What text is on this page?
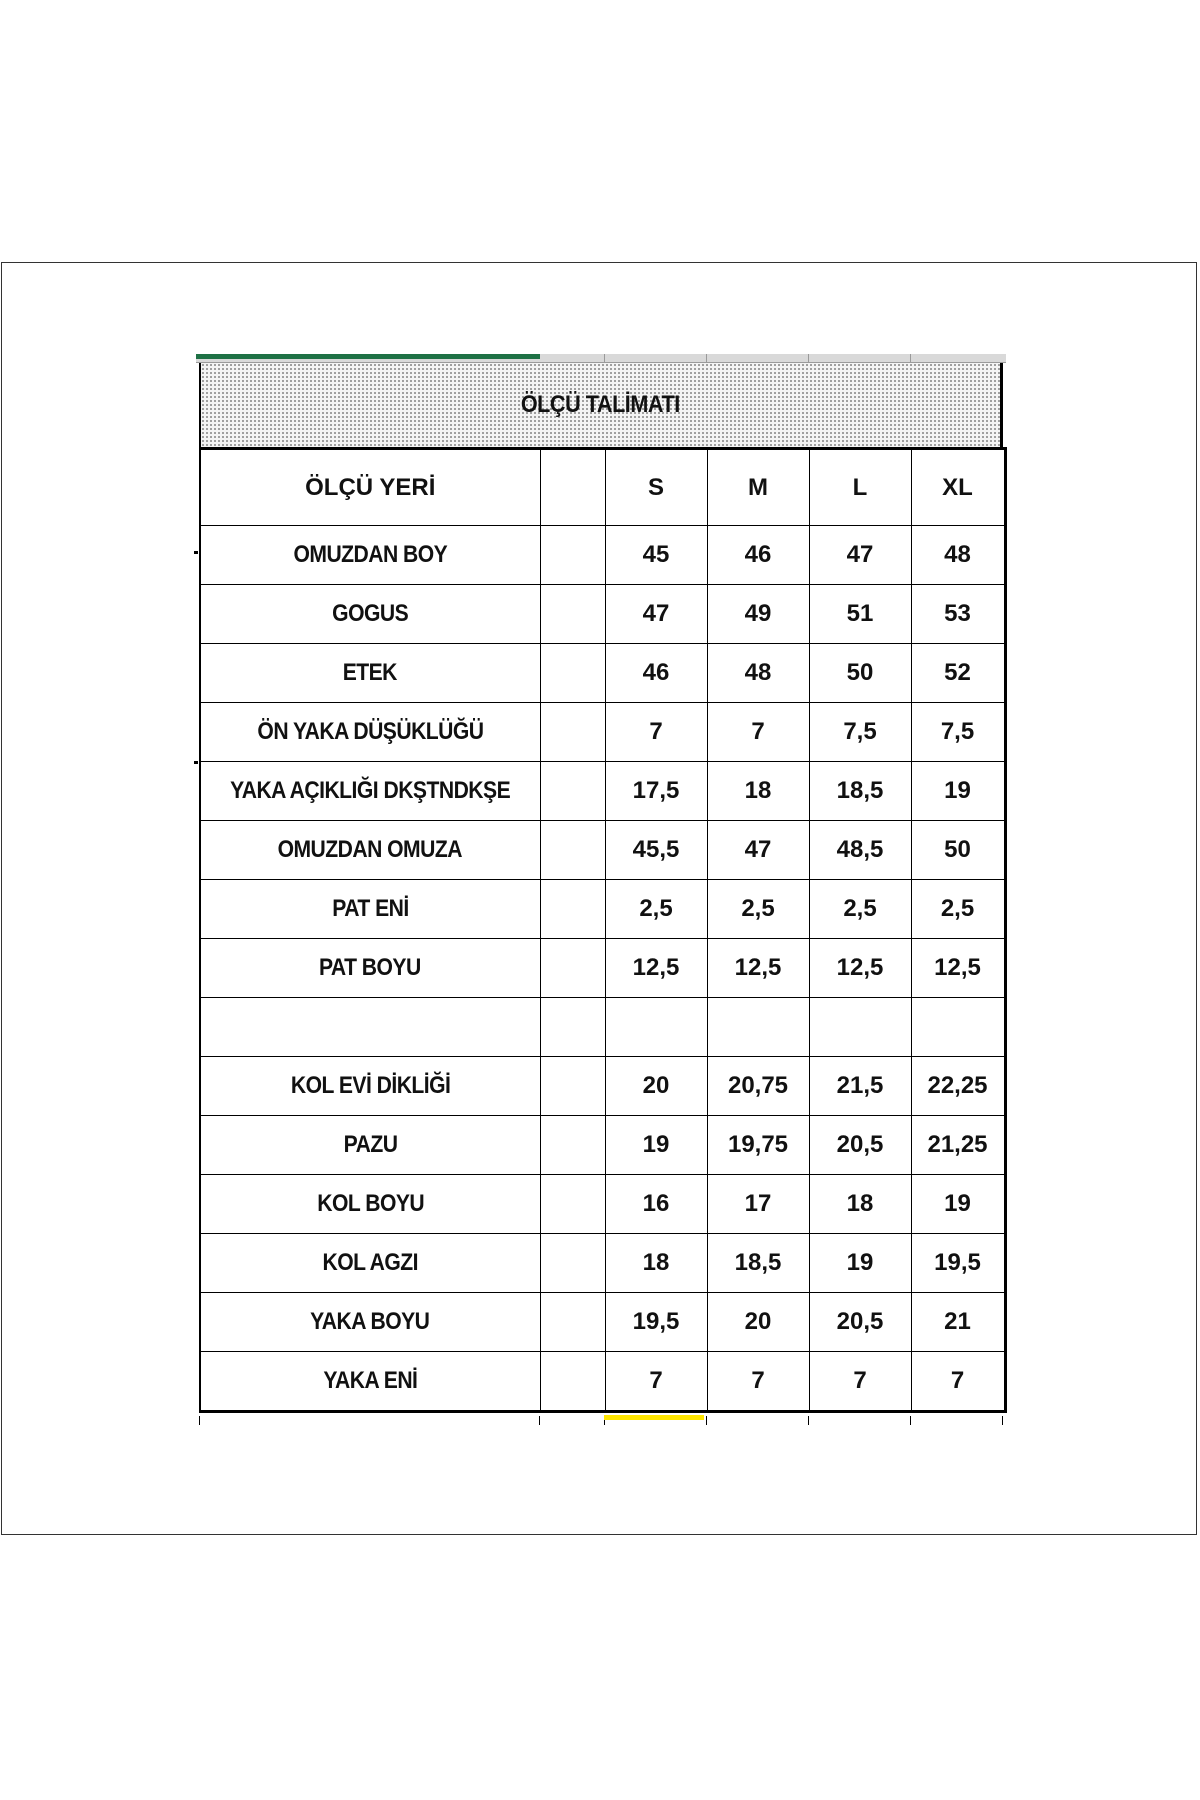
ÖLÇÜ TALİMATI
ÖLÇÜ YERİ		S	M	L	XL
OMUZDAN BOY		45	46	47	48
GOGUS		47	49	51	53
ETEK		46	48	50	52
ÖN YAKA DÜŞÜKLÜĞÜ		7	7	7,5	7,5
YAKA AÇIKLIĞI DKŞTNDKŞE		17,5	18	18,5	19
OMUZDAN OMUZA		45,5	47	48,5	50
PAT ENİ		2,5	2,5	2,5	2,5
PAT BOYU		12,5	12,5	12,5	12,5

KOL EVİ DİKLİĞİ		20	20,75	21,5	22,25
PAZU		19	19,75	20,5	21,25
KOL BOYU		16	17	18	19
KOL AGZI		18	18,5	19	19,5
YAKA BOYU		19,5	20	20,5	21
YAKA ENİ		7	7	7	7
